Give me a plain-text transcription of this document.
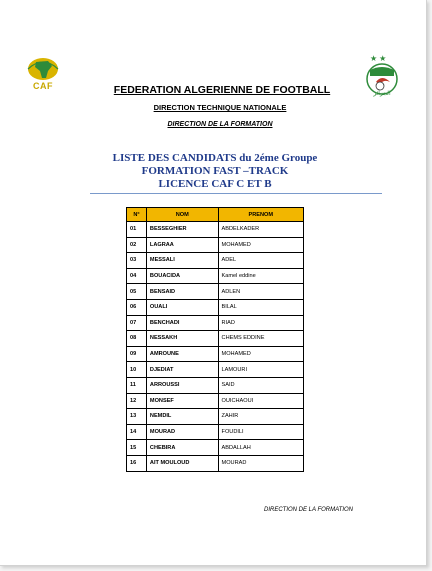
CAF
★★
الجزائر
FEDERATION ALGERIENNE DE FOOTBALL
DIRECTION TECHNIQUE NATIONALE
DIRECTION DE LA FORMATION
LISTE DES CANDIDATS du 2éme Groupe
FORMATION FAST –TRACK
LICENCE CAF C ET B
N°	NOM	PRENOM
01	BESSEGHIER	ABDELKADER
02	LAGRAA	MOHAMED
03	MESSALI	ADEL
04	BOUACIDA	Kamel eddine
05	BENSAID	ADLEN
06	OUALI	BILAL
07	BENCHADI	RIAD
08	NESSAKH	CHEMS EDDINE
09	AMROUNE	MOHAMED
10	DJEDIAT	LAMOURI
11	ARROUSSI	SAID
12	MONSEF	OUICHAOUI
13	NEMDIL	ZAHIR
14	MOURAD	FOUDILI
15	CHEBIRA	ABDALLAH
16	AIT MOULOUD	MOURAD
DIRECTION DE LA FORMATION
